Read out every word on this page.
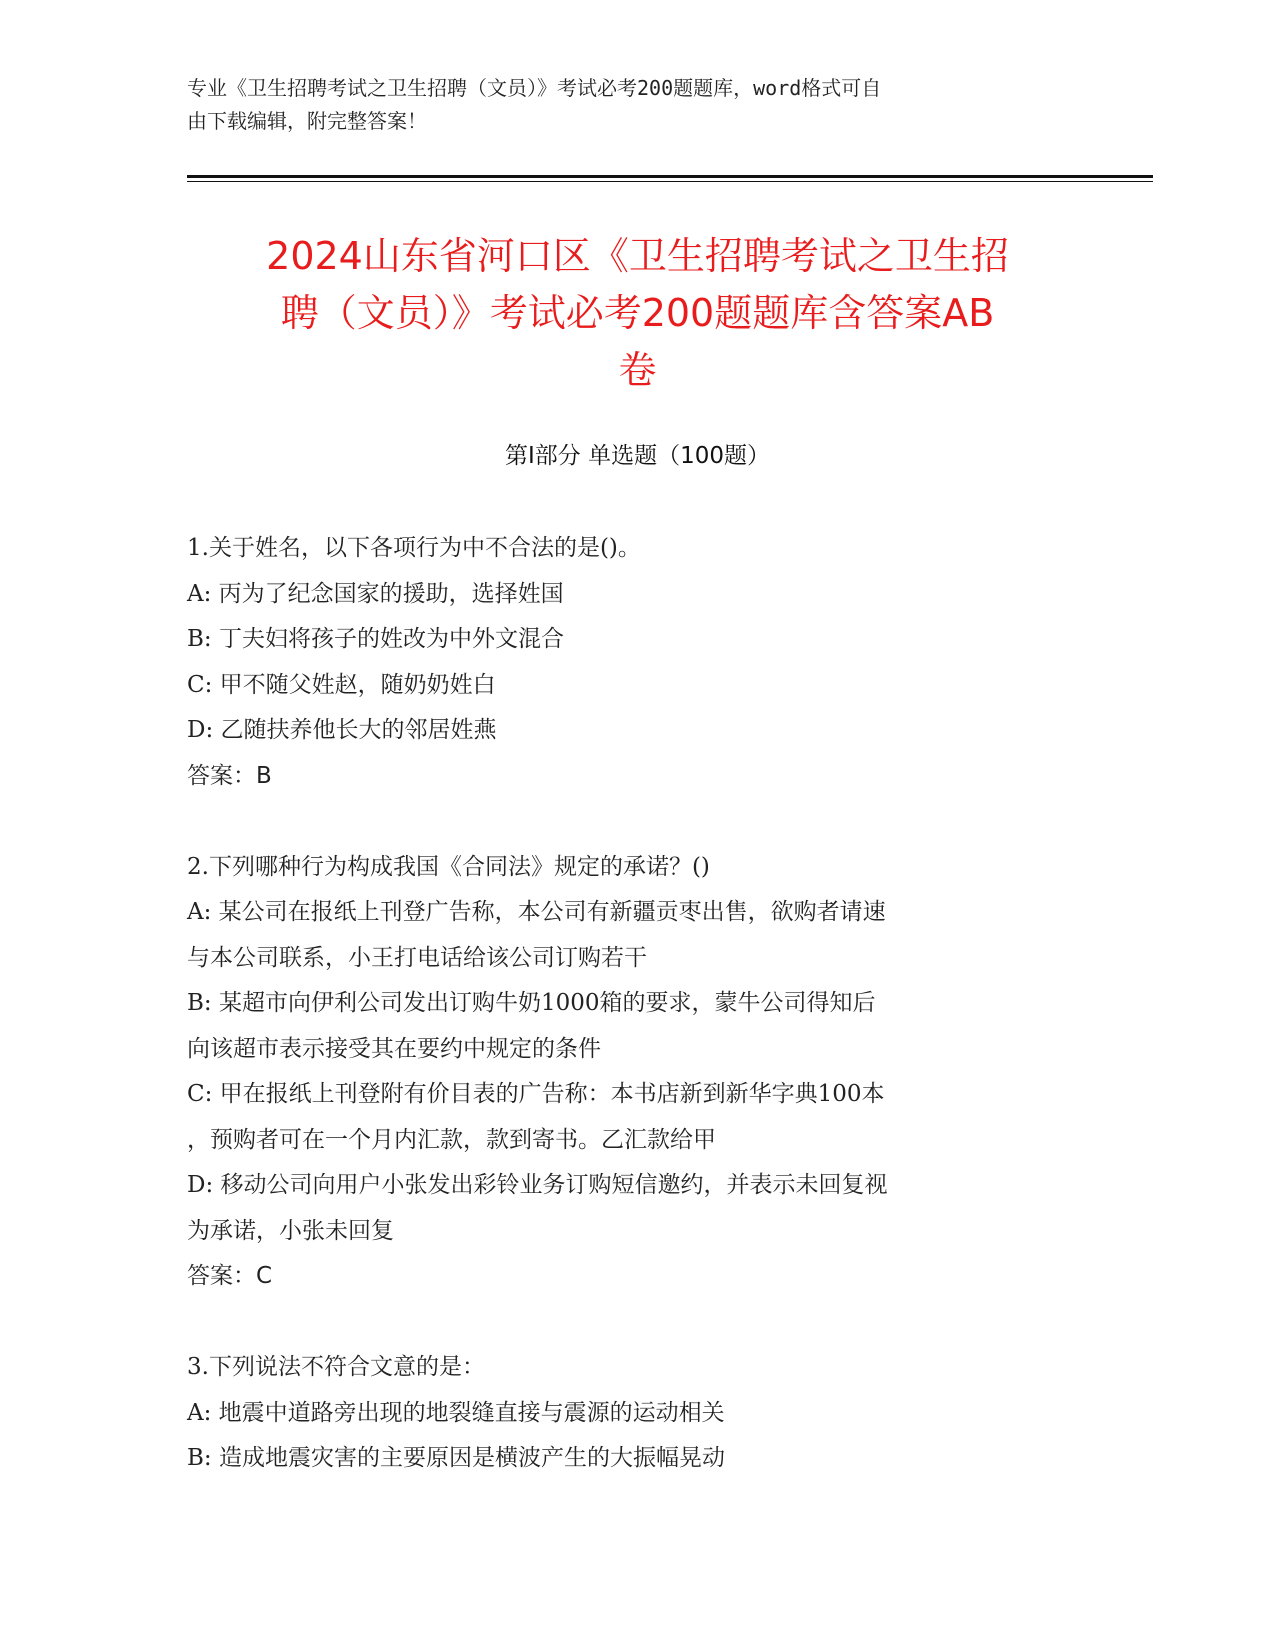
专业《卫生招聘考试之卫生招聘（文员）》考试必考200题题库，word格式可自
由下载编辑，附完整答案！
2024山东省河口区《卫生招聘考试之卫生招
聘（文员）》考试必考200题题库含答案AB
卷
第Ⅰ部分 单选题（100题）

1.关于姓名，以下各项行为中不合法的是()。

A: 丙为了纪念国家的援助，选择姓国

B: 丁夫妇将孩子的姓改为中外文混合

C: 甲不随父姓赵，随奶奶姓白

D: 乙随扶养他长大的邻居姓燕

答案：B

2.下列哪种行为构成我国《合同法》规定的承诺？()

A: 某公司在报纸上刊登广告称，本公司有新疆贡枣出售，欲购者请速

与本公司联系，小王打电话给该公司订购若干

B: 某超市向伊利公司发出订购牛奶1000箱的要求，蒙牛公司得知后

向该超市表示接受其在要约中规定的条件

C: 甲在报纸上刊登附有价目表的广告称：本书店新到新华字典100本

，预购者可在一个月内汇款，款到寄书。乙汇款给甲

D: 移动公司向用户小张发出彩铃业务订购短信邀约，并表示未回复视

为承诺，小张未回复

答案：C

3.下列说法不符合文意的是：

A: 地震中道路旁出现的地裂缝直接与震源的运动相关

B: 造成地震灾害的主要原因是横波产生的大振幅晃动
